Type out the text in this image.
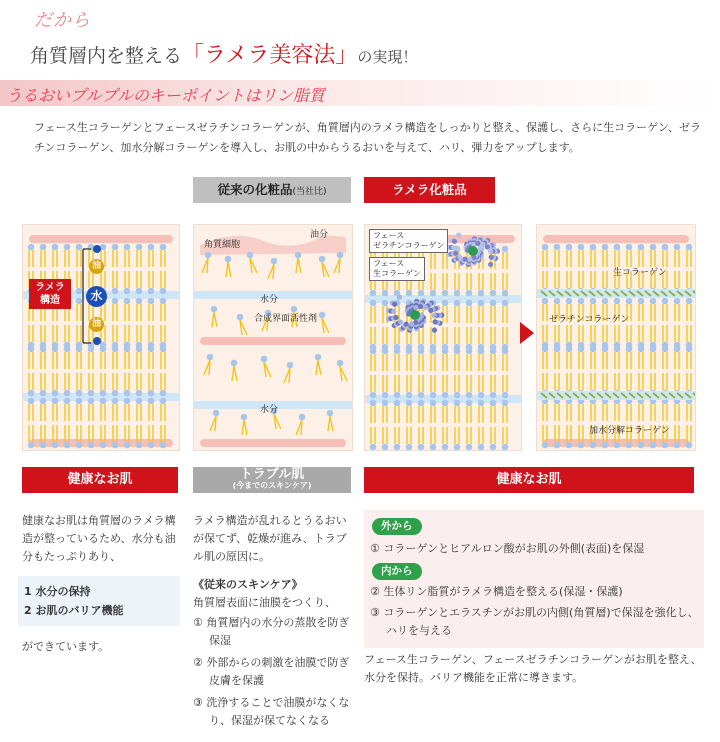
だから
角質層内を整える「ラメラ美容法」の実現！
うるおいプルプルのキーポイントはリン脂質
フェース生コラーゲンとフェースゼラチンコラーゲンが、角質層内のラメラ構造をしっかりと整え、保護し、さらに生コラーゲン、ゼラチンコラーゲン、加水分解コラーゲンを導入し、お肌の中からうるおいを与えて、ハリ、弾力をアップします。
従来の化粧品(当社比)	ラメラ化粧品
ラメラ
構造
油
水
油
油分
角質細胞
水分
合成界面活性剤
水分
フェース
ゼラチンコラーゲン
フェース
生コラーゲン	生コラーゲン
ゼラチンコラーゲン
加水分解コラーゲン
健康なお肌	トラブル肌
(今までのスキンケア)	健康なお肌
健康なお肌は角質層のラメラ構造が整っているため、水分も油分もたっぷりあり、
1 水分の保持
2 お肌のバリア機能
ができています。
ラメラ構造が乱れるとうるおいが保てず、乾燥が進み、トラブル肌の原因に。
《従来のスキンケア》
角質層表面に油膜をつくり、
① 角質層内の水分の蒸散を防ぎ保湿
② 外部からの刺激を油膜で防ぎ皮膚を保護
③ 洗浄することで油膜がなくなり、保湿が保てなくなる
外から
① コラーゲンとヒアルロン酸がお肌の外側(表面)を保湿
内から
② 生体リン脂質がラメラ構造を整える(保湿・保護)
③ コラーゲンとエラスチンがお肌の内側(角質層)で保湿を強化し、ハリを与える
フェース生コラーゲン、フェースゼラチンコラーゲンがお肌を整え、水分を保持。バリア機能を正常に導きます。
